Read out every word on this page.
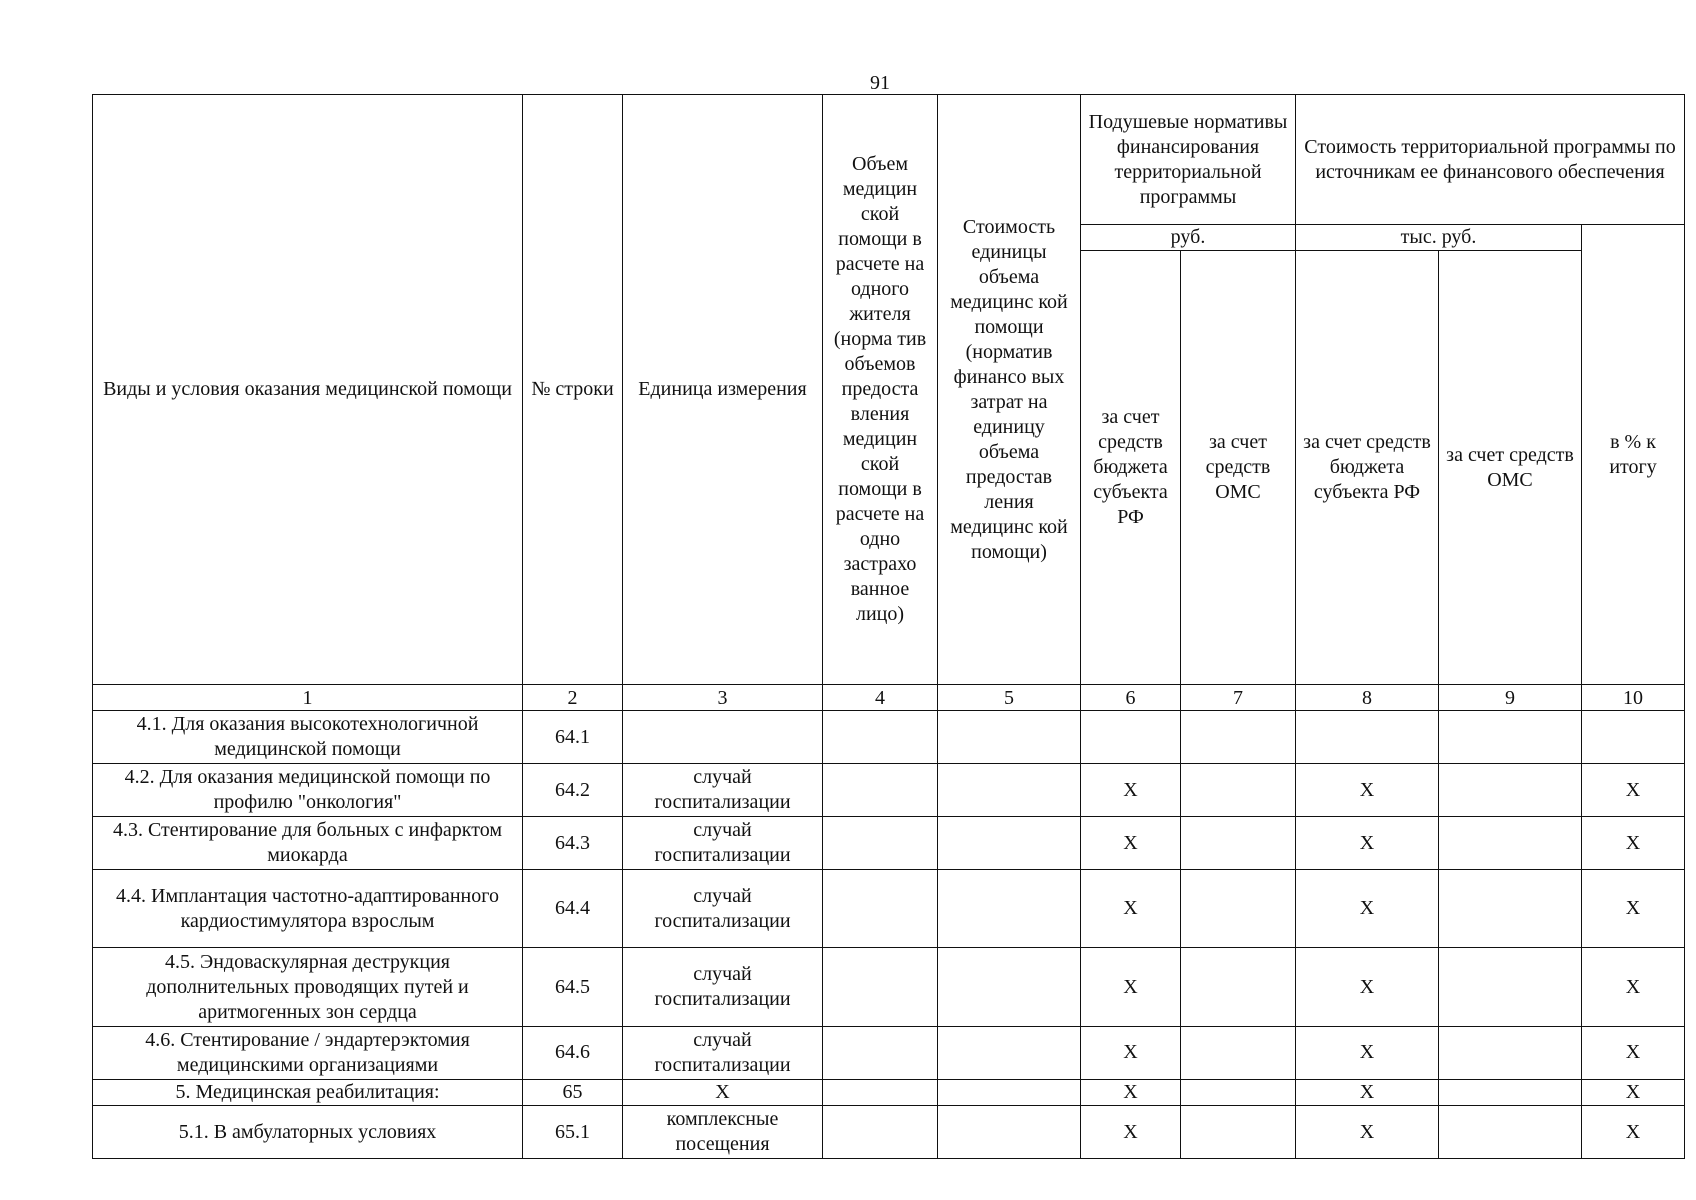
91
Виды и условия оказания медицинской помощи	№ строки	Единица измерения	Объем медицин ской помощи в расчете на одного жителя (норма тив объемов предоста вления медицин ской помощи в расчете на одно застрахо ванное лицо)	Стоимость единицы объема медицинс кой помощи (норматив финансо вых затрат на единицу объема предостав ления медицинс кой помощи)	Подушевые нормативы финансирования территориальной программы		Стоимость территориальной программы по источникам ее финансового обеспечения		
					руб.		тыс. руб.		в % к итогу
					за счет средств бюджета субъекта РФ	за счет средств ОМС	за счет средств бюджета субъекта РФ	за счет средств ОМС	
1	2	3	4	5	6	7	8	9	10
4.1. Для оказания высокотехнологичной медицинской помощи	64.1								
4.2. Для оказания медицинской помощи по профилю "онкология"	64.2	случай госпитализации			Х		Х		Х
4.3. Стентирование для больных с инфарктом миокарда	64.3	случай госпитализации			Х		Х		Х
4.4. Имплантация частотно-адаптированного кардиостимулятора взрослым	64.4	случай госпитализации			Х		Х		Х
4.5. Эндоваскулярная деструкция дополнительных проводящих путей и аритмогенных зон сердца	64.5	случай госпитализации			Х		Х		Х
4.6. Стентирование / эндартерэктомия медицинскими организациями	64.6	случай госпитализации			Х		Х		Х
5. Медицинская реабилитация:	65	Х			Х		Х		Х
5.1. В амбулаторных условиях	65.1	комплексные посещения			Х		Х		Х
